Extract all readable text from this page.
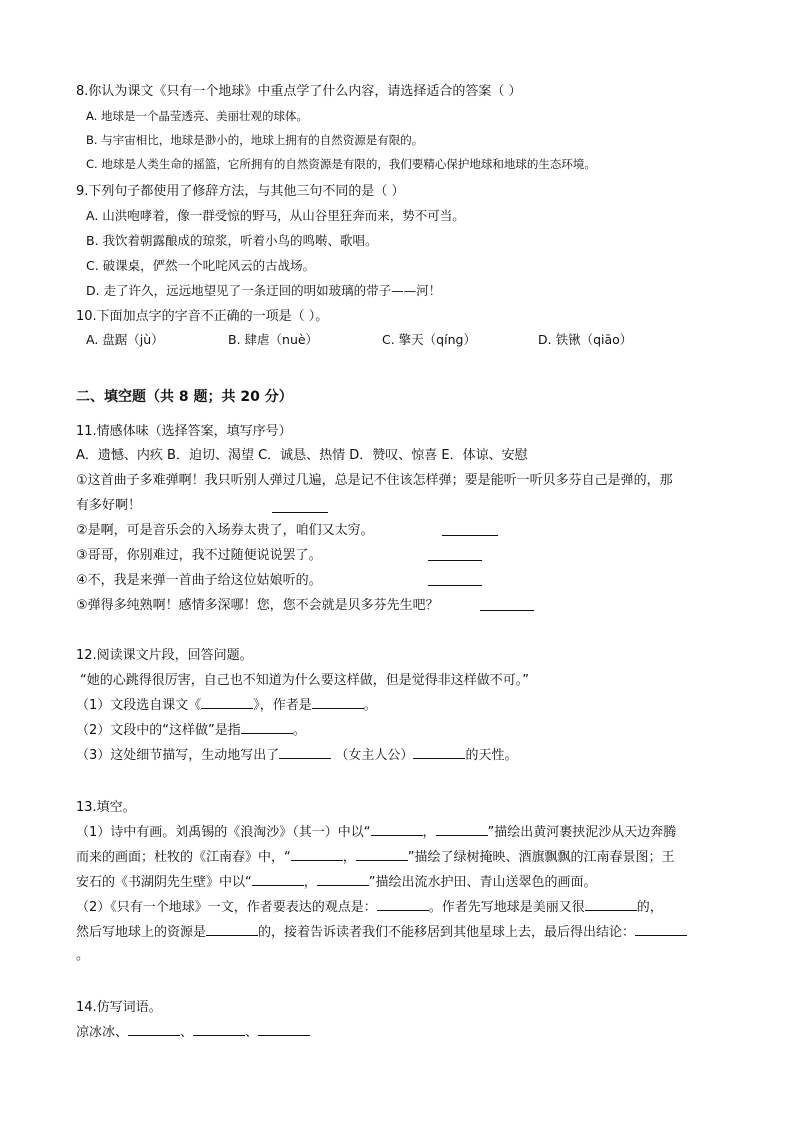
8.你认为课文《只有一个地球》中重点学了什么内容，请选择适合的答案（ ）
A. 地球是一个晶莹透亮、美丽壮观的球体。
B. 与宇宙相比，地球是渺小的，地球上拥有的自然资源是有限的。
C. 地球是人类生命的摇篮，它所拥有的自然资源是有限的，我们要精心保护地球和地球的生态环境。
9.下列句子都使用了修辞方法，与其他三句不同的是（ ）
A. 山洪咆哮着，像一群受惊的野马，从山谷里狂奔而来，势不可当。
B. 我饮着朝露酿成的琼浆，听着小鸟的鸣啭、歌唱。
C. 破课桌，俨然一个叱咤风云的古战场。
D. 走了许久，远远地望见了一条迂回的明如玻璃的带子——河！
10.下面加点字的字音不正确的一项是（ ）。
A. 盘踞（jù）	B. 肆虐（nuè）	C. 擎天（qíng）	D. 铁锹（qiāo）
二、填空题（共 8 题；共 20 分）
11.情感体味（选择答案，填写序号）
A．遗憾、内疚 B．迫切、渴望 C．诚恳、热情 D．赞叹、惊喜 E．体谅、安慰
①这首曲子多难弹啊！我只听别人弹过几遍，总是记不住该怎样弹；要是能听一听贝多芬自己是弹的，那
有多好啊！
②是啊，可是音乐会的入场券太贵了，咱们又太穷。
③哥哥，你别难过，我不过随便说说罢了。
④不，我是来弹一首曲子给这位姑娘听的。
⑤弹得多纯熟啊！感情多深哪！您，您不会就是贝多芬先生吧？
12.阅读课文片段，回答问题。
“她的心跳得很厉害，自己也不知道为什么要这样做，但是觉得非这样做不可。”
（1）文段选自课文《	》，作者是	。
（2）文段中的“这样做”是指	。
（3）这处细节描写，生动地写出了	（女主人公）	的天性。
13.填空。
（1）诗中有画。刘禹锡的《浪淘沙》（其一）中以“	，	”描绘出黄河裹挟泥沙从天边奔腾
而来的画面；杜牧的《江南春》中，“	，	”描绘了绿树掩映、酒旗飘飘的江南春景图；王
安石的《书湖阴先生壁》中以“	，	”描绘出流水护田、青山送翠色的画面。
（2）《只有一个地球》一文，作者要表达的观点是：	。作者先写地球是美丽又很	的，
然后写地球上的资源是	的，接着告诉读者我们不能移居到其他星球上去，最后得出结论：
。
14.仿写词语。
凉冰冰、	、	、
